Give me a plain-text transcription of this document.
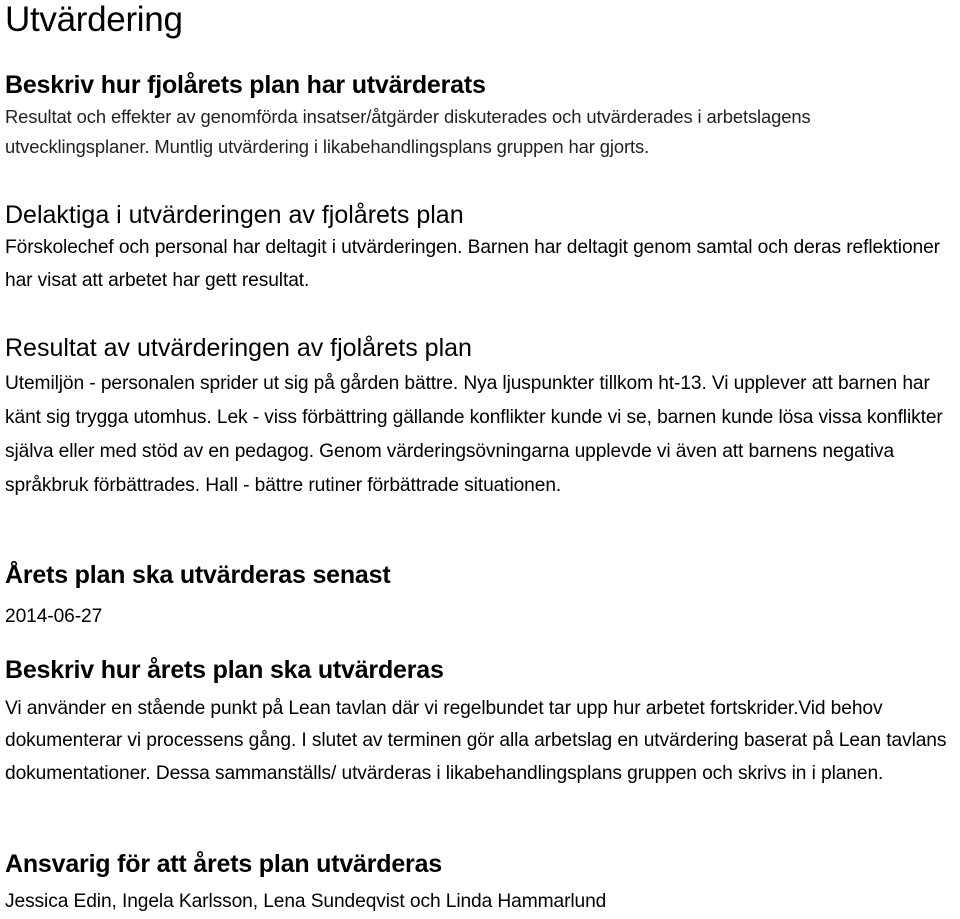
Utvärdering
Beskriv hur fjolårets plan har utvärderats

Resultat och effekter av genomförda insatser/åtgärder diskuterades och utvärderades i arbetslagens utvecklingsplaner. Muntlig utvärdering i likabehandlingsplans gruppen har gjorts.

Delaktiga i utvärderingen av fjolårets plan

Förskolechef och personal har deltagit i utvärderingen. Barnen har deltagit genom samtal och deras reflektioner har visat att arbetet har gett resultat.

Resultat av utvärderingen av fjolårets plan

Utemiljön - personalen sprider ut sig på gården bättre. Nya ljuspunkter tillkom ht-13. Vi upplever att barnen har känt sig trygga utomhus. Lek - viss förbättring gällande konflikter kunde vi se, barnen kunde lösa vissa konflikter själva eller med stöd av en pedagog. Genom värderingsövningarna upplevde vi även att barnens negativa språkbruk förbättrades. Hall - bättre rutiner förbättrade situationen.

Årets plan ska utvärderas senast

2014-06-27

Beskriv hur årets plan ska utvärderas

Vi använder en stående punkt på Lean tavlan där vi regelbundet tar upp hur arbetet fortskrider.Vid behov dokumenterar vi processens gång. I slutet av terminen gör alla arbetslag en utvärdering baserat på Lean tavlans dokumentationer. Dessa sammanställs/ utvärderas i likabehandlingsplans gruppen och skrivs in i planen.

Ansvarig för att årets plan utvärderas

Jessica Edin, Ingela Karlsson, Lena Sundeqvist och Linda Hammarlund
